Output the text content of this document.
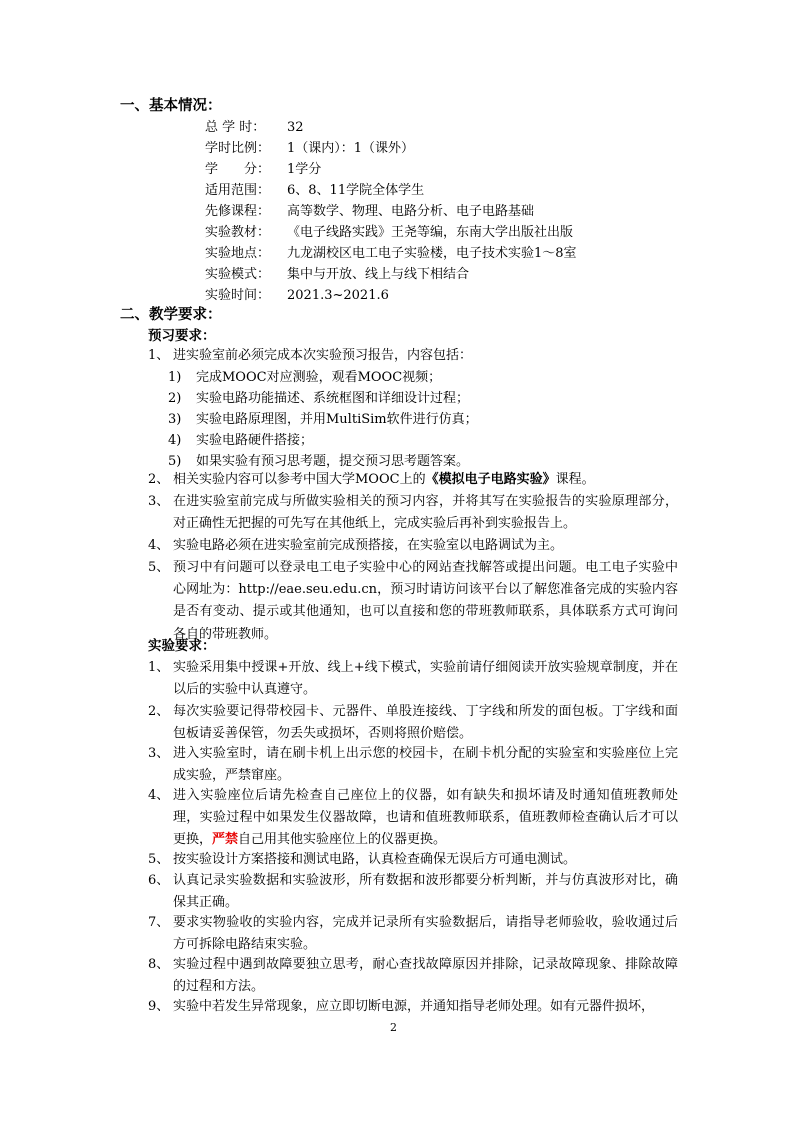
一、基本情况：
总 学 时： 32
学时比例： 1（课内）：1（课外）
学　　分： 1学分
适用范围： 6、8、11学院全体学生
先修课程： 高等数学、物理、电路分析、电子电路基础
实验教材： 《电子线路实践》王尧等编，东南大学出版社出版
实验地点： 九龙湖校区电工电子实验楼，电子技术实验1～8室
实验模式： 集中与开放、线上与线下相结合
实验时间： 2021.3~2021.6
二、教学要求：
预习要求：
1、 进实验室前必须完成本次实验预习报告，内容包括：
1) 完成MOOC对应测验，观看MOOC视频；
2) 实验电路功能描述、系统框图和详细设计过程；
3) 实验电路原理图，并用MultiSim软件进行仿真；
4) 实验电路硬件搭接；
5) 如果实验有预习思考题，提交预习思考题答案。
2、 相关实验内容可以参考中国大学MOOC上的《模拟电子电路实验》课程。
3、 在进实验室前完成与所做实验相关的预习内容，并将其写在实验报告的实验原理部分，对正确性无把握的可先写在其他纸上，完成实验后再补到实验报告上。
4、 实验电路必须在进实验室前完成预搭接，在实验室以电路调试为主。
5、 预习中有问题可以登录电工电子实验中心的网站查找解答或提出问题。电工电子实验中心网址为：http://eae.seu.edu.cn，预习时请访问该平台以了解您准备完成的实验内容是否有变动、提示或其他通知，也可以直接和您的带班教师联系，具体联系方式可询问各自的带班教师。
实验要求：
1、 实验采用集中授课+开放、线上+线下模式，实验前请仔细阅读开放实验规章制度，并在以后的实验中认真遵守。
2、 每次实验要记得带校园卡、元器件、单股连接线、丁字线和所发的面包板。丁字线和面包板请妥善保管，勿丢失或损坏，否则将照价赔偿。
3、 进入实验室时，请在刷卡机上出示您的校园卡，在刷卡机分配的实验室和实验座位上完成实验，严禁窜座。
4、 进入实验座位后请先检查自己座位上的仪器，如有缺失和损坏请及时通知值班教师处理，实验过程中如果发生仪器故障，也请和值班教师联系，值班教师检查确认后才可以更换，严禁自己用其他实验座位上的仪器更换。
5、 按实验设计方案搭接和测试电路，认真检查确保无误后方可通电测试。
6、 认真记录实验数据和实验波形，所有数据和波形都要分析判断，并与仿真波形对比，确保其正确。
7、 要求实物验收的实验内容，完成并记录所有实验数据后，请指导老师验收，验收通过后方可拆除电路结束实验。
8、 实验过程中遇到故障要独立思考，耐心查找故障原因并排除，记录故障现象、排除故障的过程和方法。
9、 实验中若发生异常现象，应立即切断电源，并通知指导老师处理。如有元器件损坏，
2
